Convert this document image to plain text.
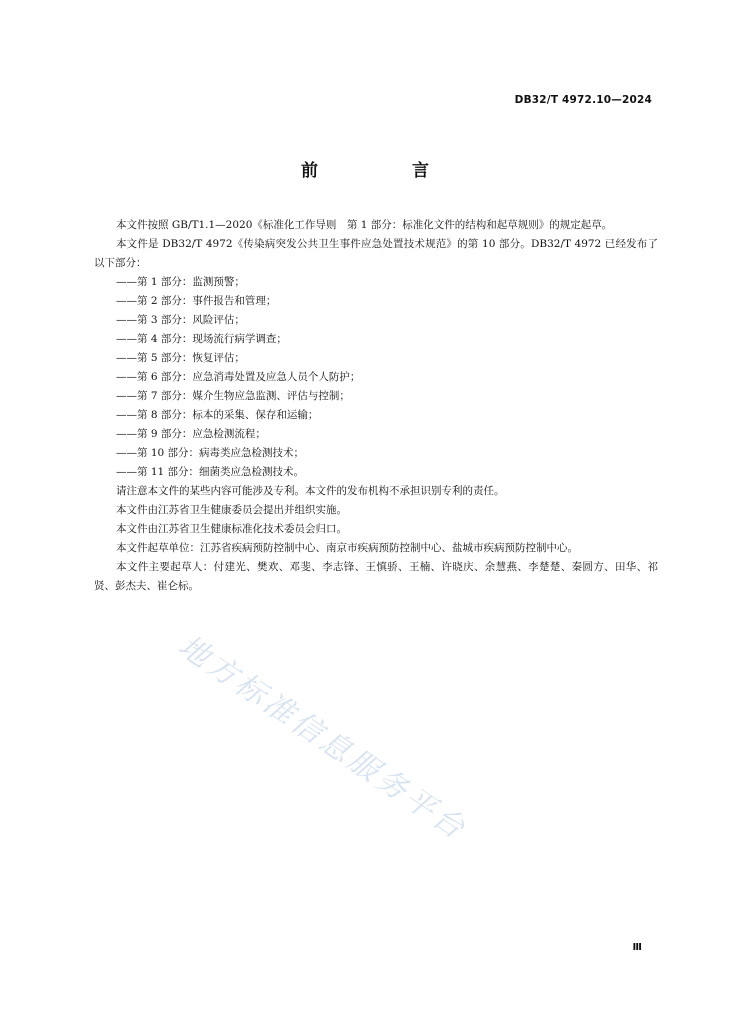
DB32/T 4972.10—2024
前 言

本文件按照 GB/T1.1—2020《标准化工作导则　第 1 部分：标准化文件的结构和起草规则》的规定起草。

本文件是 DB32/T 4972《传染病突发公共卫生事件应急处置技术规范》的第 10 部分。DB32/T 4972 已经发布了以下部分：

——第 1 部分：监测预警；

——第 2 部分：事件报告和管理；

——第 3 部分：风险评估；

——第 4 部分：现场流行病学调查；

——第 5 部分：恢复评估；

——第 6 部分：应急消毒处置及应急人员个人防护；

——第 7 部分：媒介生物应急监测、评估与控制；

——第 8 部分：标本的采集、保存和运输；

——第 9 部分：应急检测流程；

——第 10 部分：病毒类应急检测技术；

——第 11 部分：细菌类应急检测技术。

请注意本文件的某些内容可能涉及专利。本文件的发布机构不承担识别专利的责任。

本文件由江苏省卫生健康委员会提出并组织实施。

本文件由江苏省卫生健康标准化技术委员会归口。

本文件起草单位：江苏省疾病预防控制中心、南京市疾病预防控制中心、盐城市疾病预防控制中心。

本文件主要起草人：付建光、樊欢、邓斐、李志锋、王慎骄、王楠、许晓庆、余慧燕、李楚楚、秦圆方、田华、祁贤、彭杰夫、崔仑标。

地方标准信息服务平台
Ⅲ
